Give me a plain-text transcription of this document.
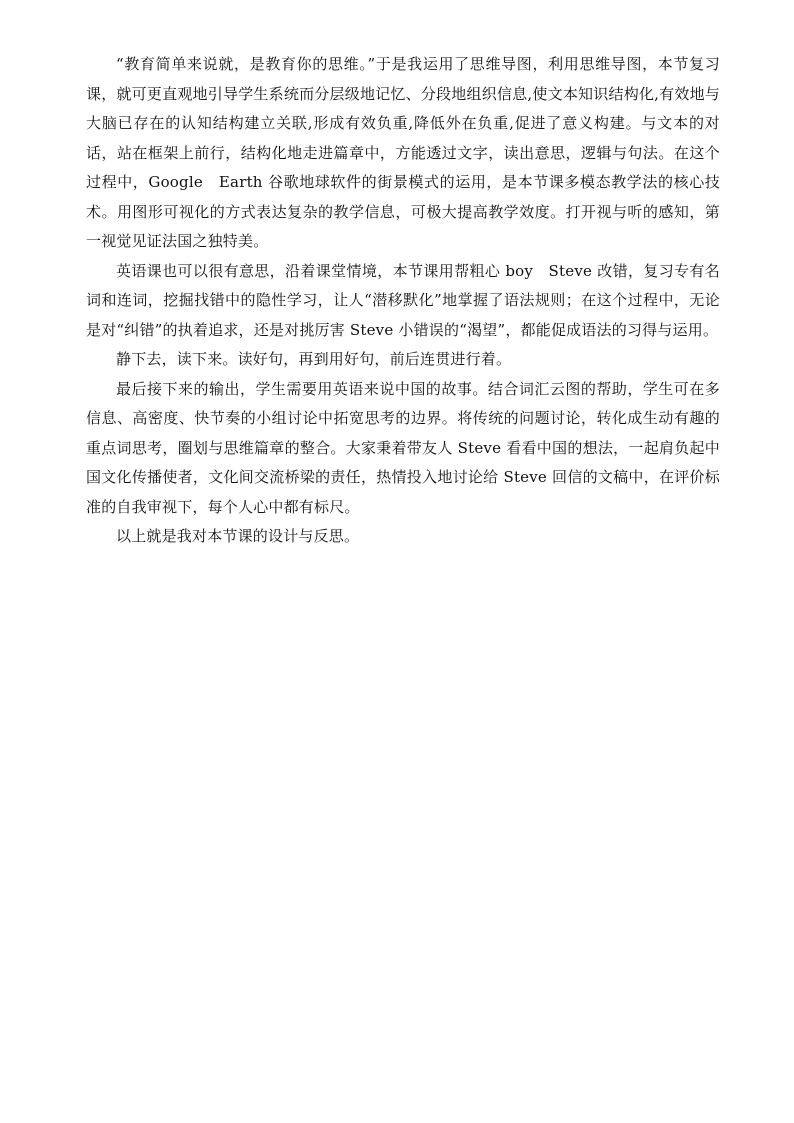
“教育简单来说就，是教育你的思维。”于是我运用了思维导图，利用思维导图，本节复习课，就可更直观地引导学生系统而分层级地记忆、分段地组织信息,使文本知识结构化,有效地与大脑已存在的认知结构建立关联,形成有效负重,降低外在负重,促进了意义构建。与文本的对话，站在框架上前行，结构化地走进篇章中，方能透过文字，读出意思，逻辑与句法。在这个过程中，Google　Earth 谷歌地球软件的街景模式的运用，是本节课多模态教学法的核心技术。用图形可视化的方式表达复杂的教学信息，可极大提高教学效度。打开视与听的感知，第一视觉见证法国之独特美。

英语课也可以很有意思，沿着课堂情境，本节课用帮粗心 boy　Steve 改错，复习专有名词和连词，挖掘找错中的隐性学习，让人“潜移默化”地掌握了语法规则；在这个过程中，无论是对“纠错”的执着追求，还是对挑厉害 Steve 小错误的“渴望”，都能促成语法的习得与运用。

静下去，读下来。读好句，再到用好句，前后连贯进行着。

最后接下来的输出，学生需要用英语来说中国的故事。结合词汇云图的帮助，学生可在多信息、高密度、快节奏的小组讨论中拓宽思考的边界。将传统的问题讨论，转化成生动有趣的重点词思考，圈划与思维篇章的整合。大家秉着带友人 Steve 看看中国的想法，一起肩负起中国文化传播使者，文化间交流桥梁的责任，热情投入地讨论给 Steve 回信的文稿中，在评价标准的自我审视下，每个人心中都有标尺。

以上就是我对本节课的设计与反思。
